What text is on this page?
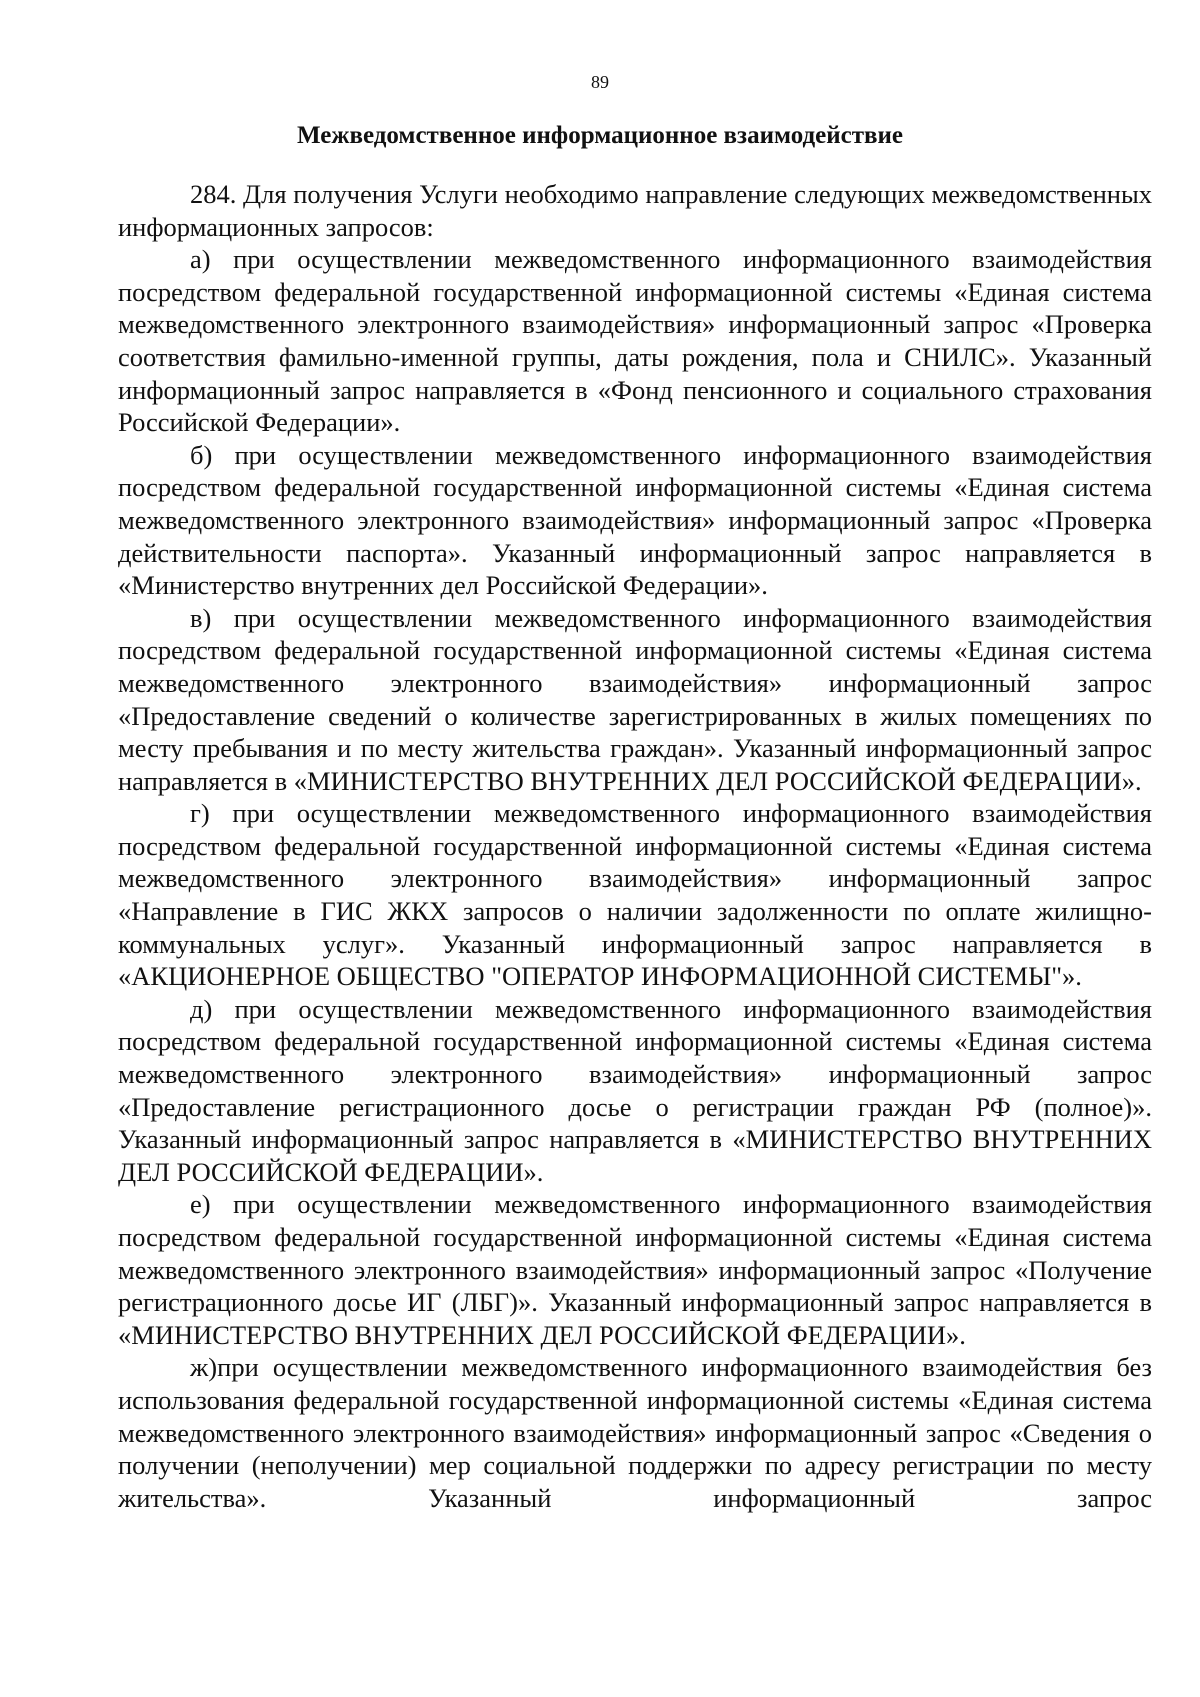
89
Межведомственное информационное взаимодействие

284. Для получения Услуги необходимо направление следующих межведомственных информационных запросов:

а) при осуществлении межведомственного информационного взаимодействия посредством федеральной государственной информационной системы «Единая система межведомственного электронного взаимодействия» информационный запрос «Проверка соответствия фамильно-именной группы, даты рождения, пола и СНИЛС». Указанный информационный запрос направляется в «Фонд пенсионного и социального страхования Российской Федерации».

б) при осуществлении межведомственного информационного взаимодействия посредством федеральной государственной информационной системы «Единая система межведомственного электронного взаимодействия» информационный запрос «Проверка действительности паспорта». Указанный информационный запрос направляется в «Министерство внутренних дел Российской Федерации».

в) при осуществлении межведомственного информационного взаимодействия посредством федеральной государственной информационной системы «Единая система межведомственного электронного взаимодействия» информационный запрос «Предоставление сведений о количестве зарегистрированных в жилых помещениях по месту пребывания и по месту жительства граждан». Указанный информационный запрос направляется в «МИНИСТЕРСТВО ВНУТРЕННИХ ДЕЛ РОССИЙСКОЙ ФЕДЕРАЦИИ».

г) при осуществлении межведомственного информационного взаимодействия посредством федеральной государственной информационной системы «Единая система межведомственного электронного взаимодействия» информационный запрос «Направление в ГИС ЖКХ запросов о наличии задолженности по оплате жилищно-коммунальных услуг». Указанный информационный запрос направляется в «АКЦИОНЕРНОЕ ОБЩЕСТВО "ОПЕРАТОР ИНФОРМАЦИОННОЙ СИСТЕМЫ"».

д) при осуществлении межведомственного информационного взаимодействия посредством федеральной государственной информационной системы «Единая система межведомственного электронного взаимодействия» информационный запрос «Предоставление регистрационного досье о регистрации граждан РФ (полное)». Указанный информационный запрос направляется в «МИНИСТЕРСТВО ВНУТРЕННИХ ДЕЛ РОССИЙСКОЙ ФЕДЕРАЦИИ».

е) при осуществлении межведомственного информационного взаимодействия посредством федеральной государственной информационной системы «Единая система межведомственного электронного взаимодействия» информационный запрос «Получение регистрационного досье ИГ (ЛБГ)». Указанный информационный запрос направляется в «МИНИСТЕРСТВО ВНУТРЕННИХ ДЕЛ РОССИЙСКОЙ ФЕДЕРАЦИИ».

ж)при осуществлении межведомственного информационного взаимодействия без использования федеральной государственной информационной системы «Единая система межведомственного электронного взаимодействия» информационный запрос «Сведения о получении (неполучении) мер социальной поддержки по адресу регистрации по месту жительства». Указанный информационный запрос
